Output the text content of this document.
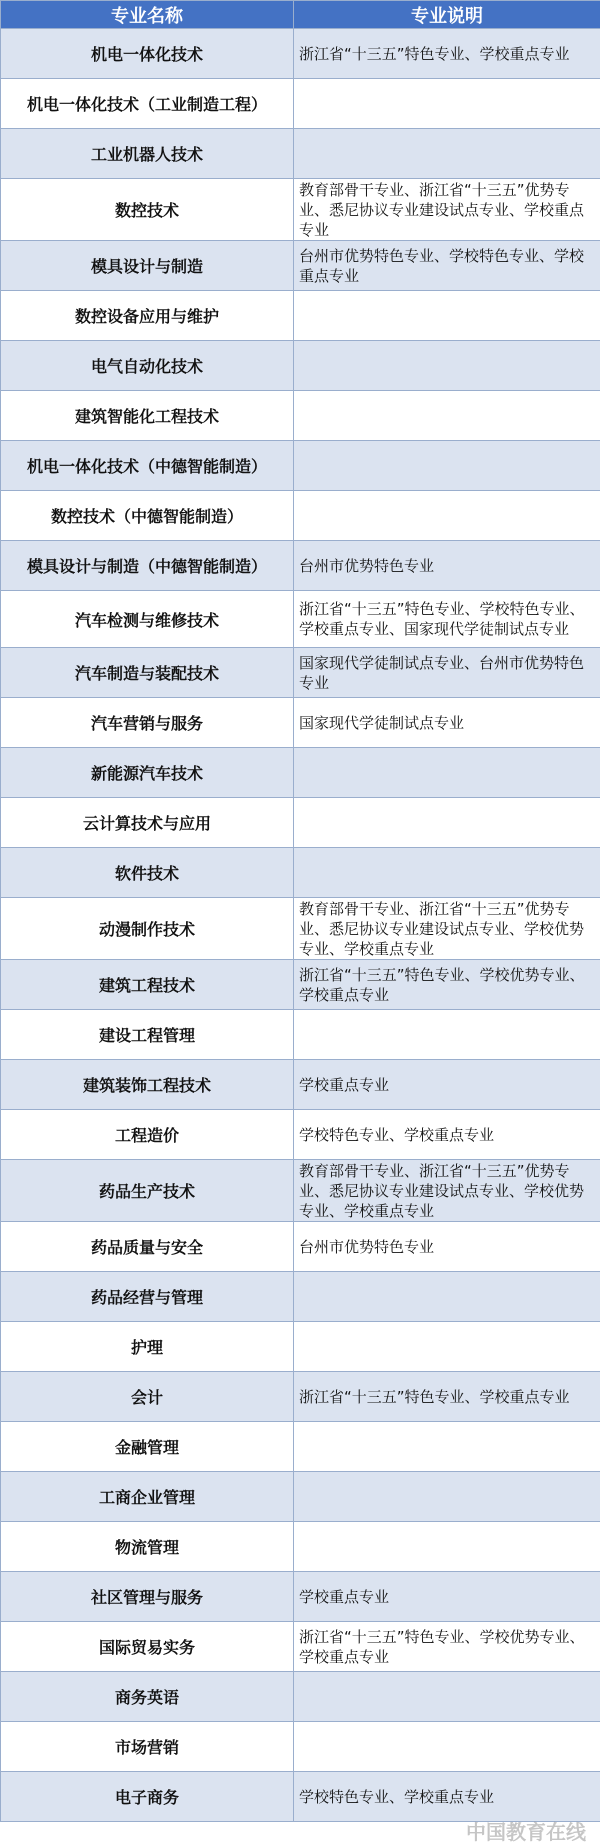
专业名称	专业说明
机电一体化技术	浙江省“十三五”特色专业、学校重点专业
机电一体化技术（工业制造工程）	
工业机器人技术	
数控技术	教育部骨干专业、浙江省“十三五”优势专业、悉尼协议专业建设试点专业、学校重点专业
模具设计与制造	台州市优势特色专业、学校特色专业、学校重点专业
数控设备应用与维护	
电气自动化技术	
建筑智能化工程技术	
机电一体化技术（中德智能制造）	
数控技术（中德智能制造）	
模具设计与制造（中德智能制造）	台州市优势特色专业
汽车检测与维修技术	浙江省“十三五”特色专业、学校特色专业、学校重点专业、国家现代学徒制试点专业
汽车制造与装配技术	国家现代学徒制试点专业、台州市优势特色专业
汽车营销与服务	国家现代学徒制试点专业
新能源汽车技术	
云计算技术与应用	
软件技术	
动漫制作技术	教育部骨干专业、浙江省“十三五”优势专业、悉尼协议专业建设试点专业、学校优势专业、学校重点专业
建筑工程技术	浙江省“十三五”特色专业、学校优势专业、学校重点专业
建设工程管理	
建筑装饰工程技术	学校重点专业
工程造价	学校特色专业、学校重点专业
药品生产技术	教育部骨干专业、浙江省“十三五”优势专业、悉尼协议专业建设试点专业、学校优势专业、学校重点专业
药品质量与安全	台州市优势特色专业
药品经营与管理	
护理	
会计	浙江省“十三五”特色专业、学校重点专业
金融管理	
工商企业管理	
物流管理	
社区管理与服务	学校重点专业
国际贸易实务	浙江省“十三五”特色专业、学校优势专业、学校重点专业
商务英语	
市场营销	
电子商务	学校特色专业、学校重点专业
中国教育在线
